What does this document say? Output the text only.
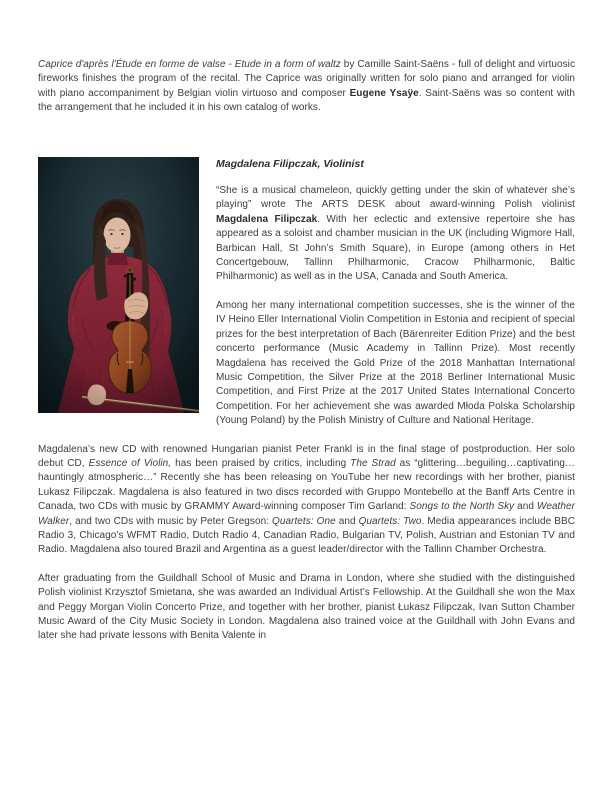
Caprice d'après l'Étude en forme de valse - Etude in a form of waltz by Camille Saint-Saëns - full of delight and virtuosic fireworks finishes the program of the recital. The Caprice was originally written for solo piano and arranged for violin with piano accompaniment by Belgian violin virtuoso and composer Eugene Ysaÿe. Saint-Saëns was so content with the arrangement that he included it in his own catalog of works.

Magdalena Filipczak, Violinist

“She is a musical chameleon, quickly getting under the skin of whatever she’s playing” wrote The ARTS DESK about award-winning Polish violinist Magdalena Filipczak. With her eclectic and extensive repertoire she has appeared as a soloist and chamber musician in the UK (including Wigmore Hall, Barbican Hall, St John’s Smith Square), in Europe (among others in Het Concertgebouw, Tallinn Philharmonic, Cracow Philharmonic, Baltic Philharmonic) as well as in the USA, Canada and South America.

Among her many international competition successes, she is the winner of the IV Heino Eller International Violin Competition in Estonia and recipient of special prizes for the best interpretation of Bach (Bärenreiter Edition Prize) and the best concerto performance (Music Academy in Tallinn Prize). Most recently Magdalena has received the Gold Prize of the 2018 Manhattan International Music Competition, the Silver Prize at the 2018 Berliner International Music Competition, and First Prize at the 2017 United States International Concerto Competition. For her achievement she was awarded Młoda Polska Scholarship (Young Poland) by the Polish Ministry of Culture and National Heritage.

Magdalena’s new CD with renowned Hungarian pianist Peter Frankl is in the final stage of postproduction. Her solo debut CD, Essence of Violin, has been praised by critics, including The Strad as “glittering…beguiling…captivating…hauntingly atmospheric…” Recently she has been releasing on YouTube her new recordings with her brother, pianist Lukasz Filipczak. Magdalena is also featured in two discs recorded with Gruppo Montebello at the Banff Arts Centre in Canada, two CDs with music by GRAMMY Award-winning composer Tim Garland: Songs to the North Sky and Weather Walker, and two CDs with music by Peter Gregson: Quartets: One and Quartets: Two. Media appearances include BBC Radio 3, Chicago’s WFMT Radio, Dutch Radio 4, Canadian Radio, Bulgarian TV, Polish, Austrian and Estonian TV and Radio. Magdalena also toured Brazil and Argentina as a guest leader/director with the Tallinn Chamber Orchestra.

After graduating from the Guildhall School of Music and Drama in London, where she studied with the distinguished Polish violinist Krzysztof Smietana, she was awarded an Individual Artist’s Fellowship. At the Guildhall she won the Max and Peggy Morgan Violin Concerto Prize, and together with her brother, pianist Łukasz Filipczak, Ivan Sutton Chamber Music Award of the City Music Society in London. Magdalena also trained voice at the Guildhall with John Evans and later she had private lessons with Benita Valente in
